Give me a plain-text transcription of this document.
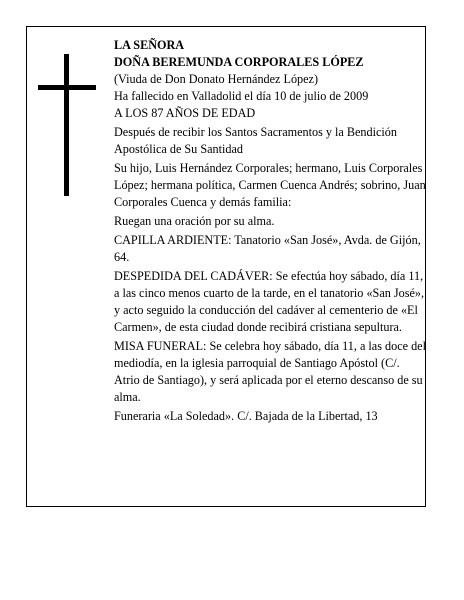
LA SEÑORA

DOÑA BEREMUNDA CORPORALES LÓPEZ

(Viuda de Don Donato Hernández López)

Ha fallecido en Valladolid el día 10 de julio de 2009

A LOS 87 AÑOS DE EDAD

Después de recibir los Santos Sacramentos y la Bendición Apostólica de Su Santidad

Su hijo, Luis Hernández Corporales; hermano, Luis Corporales López; hermana política, Carmen Cuenca Andrés; sobrino, Juan Corporales Cuenca y demás familia:

Ruegan una oración por su alma.

CAPILLA ARDIENTE: Tanatorio «San José», Avda. de Gijón, 64.

DESPEDIDA DEL CADÁVER: Se efectúa hoy sábado, día 11, a las cinco menos cuarto de la tarde, en el tanatorio «San José», y acto seguido la conducción del cadáver al cementerio de «El Carmen», de esta ciudad donde recibirá cristiana sepultura.

MISA FUNERAL: Se celebra hoy sábado, día 11, a las doce del mediodía, en la iglesia parroquial de Santiago Apóstol (C/. Atrio de Santiago), y será aplicada por el eterno descanso de su alma.

Funeraria «La Soledad». C/. Bajada de la Libertad, 13
